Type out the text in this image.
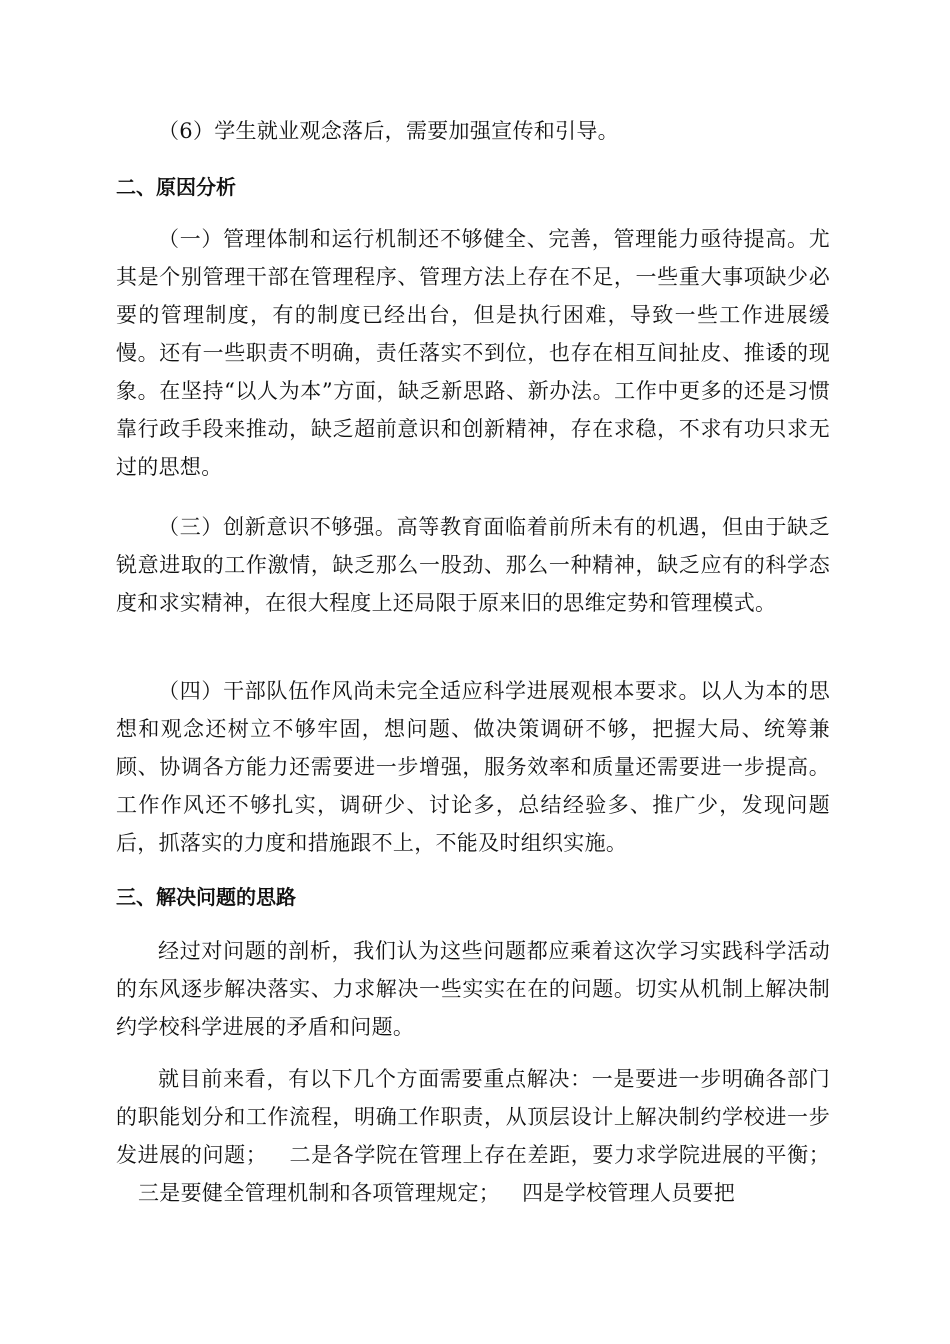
（6）学生就业观念落后，需要加强宣传和引导。

二、原因分析

（一）管理体制和运行机制还不够健全、完善，管理能力亟待提高。尤其是个别管理干部在管理程序、管理方法上存在不足，一些重大事项缺少必要的管理制度，有的制度已经出台，但是执行困难，导致一些工作进展缓慢。还有一些职责不明确，责任落实不到位，也存在相互间扯皮、推诿的现象。在坚持“以人为本”方面，缺乏新思路、新办法。工作中更多的还是习惯靠行政手段来推动，缺乏超前意识和创新精神，存在求稳，不求有功只求无过的思想。

（三）创新意识不够强。高等教育面临着前所未有的机遇，但由于缺乏锐意进取的工作激情，缺乏那么一股劲、那么一种精神，缺乏应有的科学态度和求实精神，在很大程度上还局限于原来旧的思维定势和管理模式。

（四）干部队伍作风尚未完全适应科学进展观根本要求。以人为本的思想和观念还树立不够牢固，想问题、做决策调研不够，把握大局、统筹兼顾、协调各方能力还需要进一步增强，服务效率和质量还需要进一步提高。工作作风还不够扎实，调研少、讨论多，总结经验多、推广少，发现问题后，抓落实的力度和措施跟不上，不能及时组织实施。

三、解决问题的思路

经过对问题的剖析，我们认为这些问题都应乘着这次学习实践科学活动的东风逐步解决落实、力求解决一些实实在在的问题。切实从机制上解决制约学校科学进展的矛盾和问题。

就目前来看，有以下几个方面需要重点解决：一是要进一步明确各部门的职能划分和工作流程，明确工作职责，从顶层设计上解决制约学校进一步发进展的问题； 二是各学院在管理上存在差距，要力求学院进展的平衡；三是要健全管理机制和各项管理规定； 四是学校管理人员要把
